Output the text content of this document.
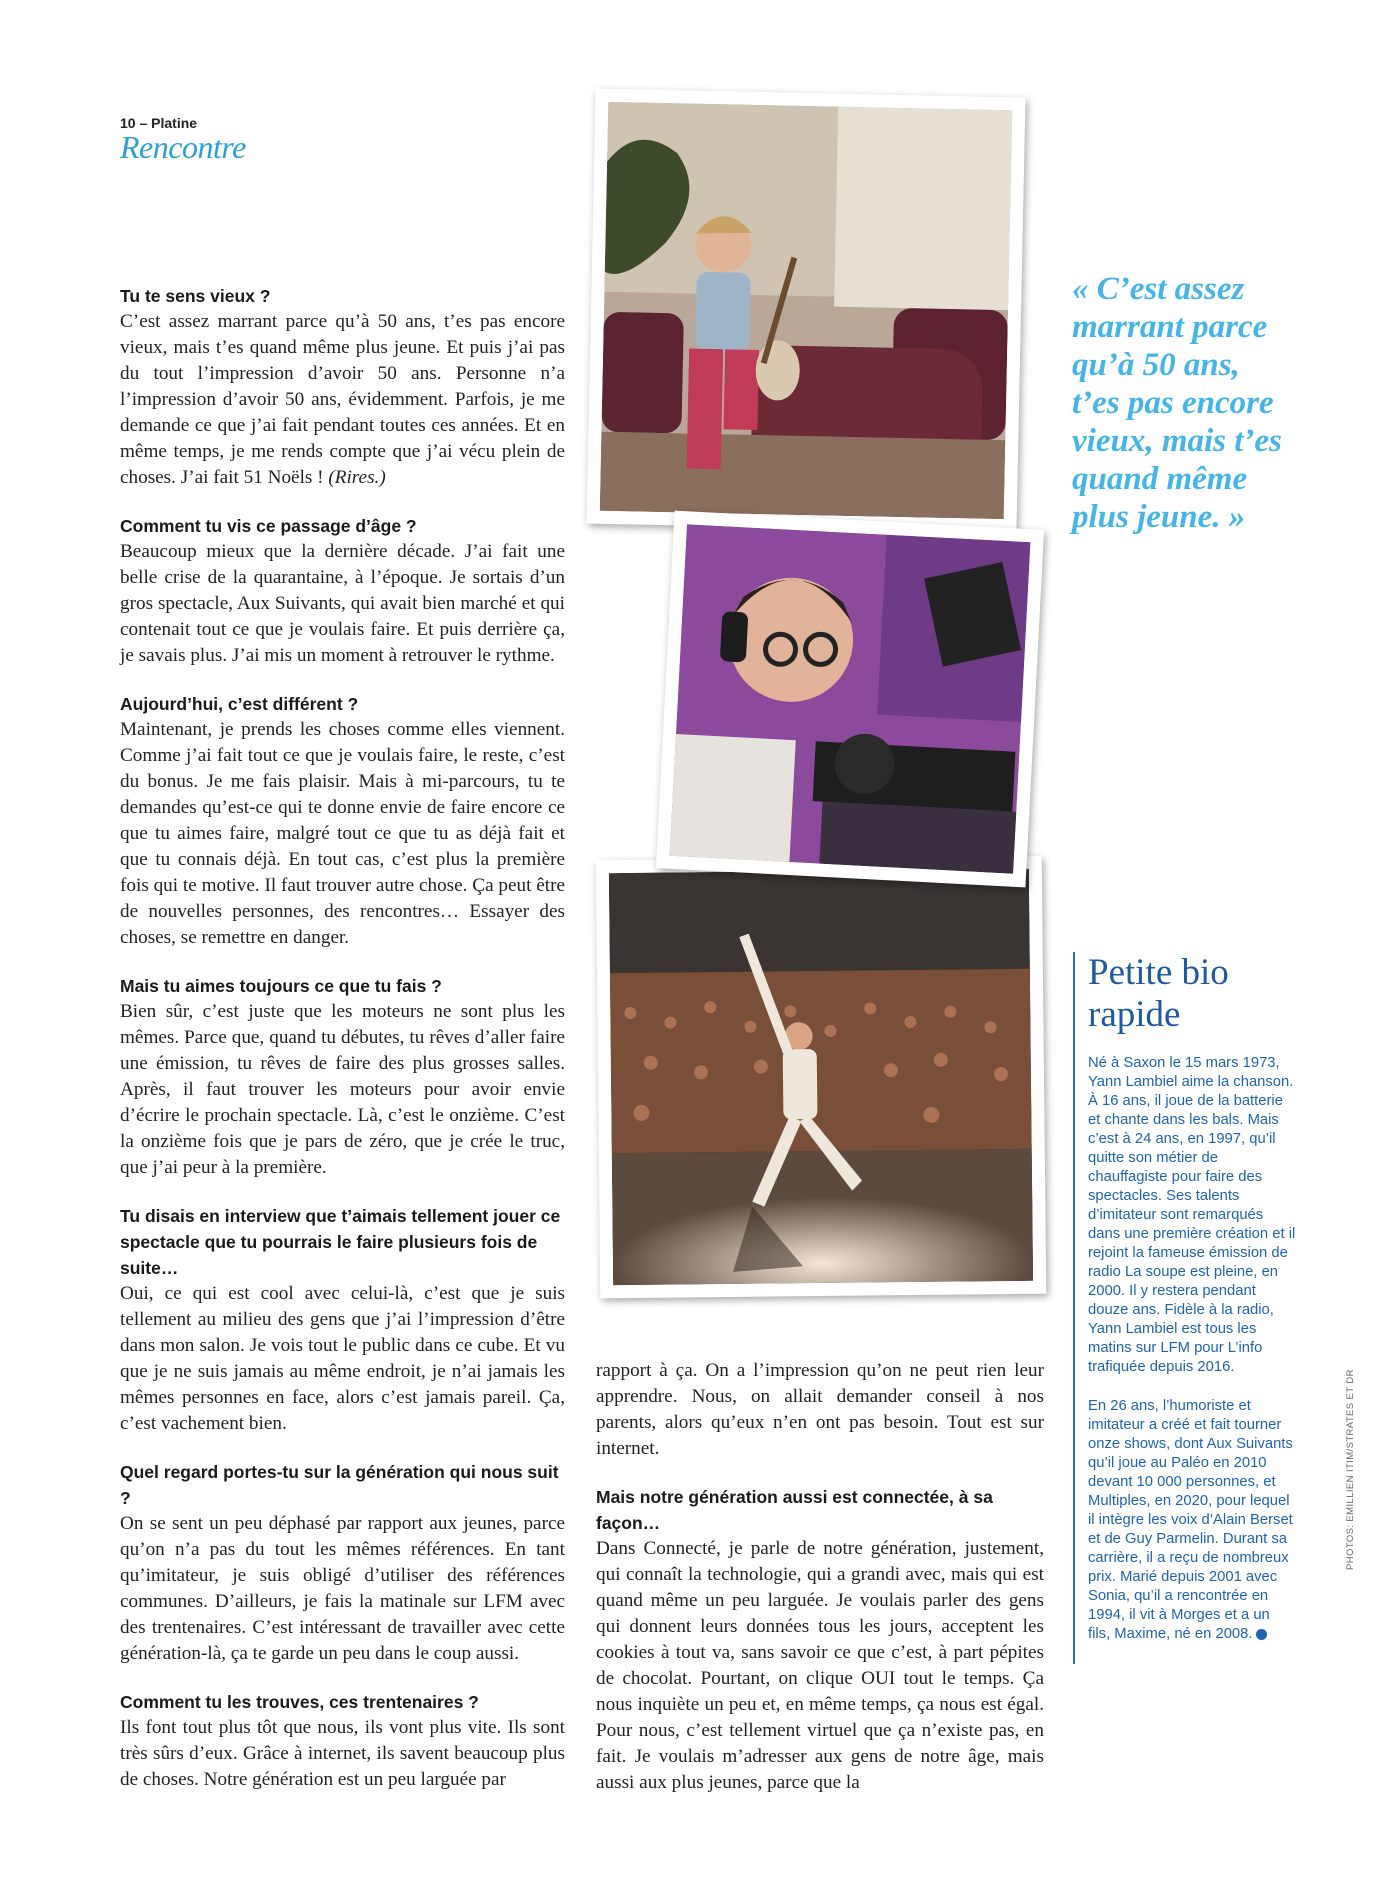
10 – Platine
Rencontre
Tu te sens vieux ?

C’est assez marrant parce qu’à 50 ans, t’es pas encore vieux, mais t’es quand même plus jeune. Et puis j’ai pas du tout l’impression d’avoir 50 ans. Personne n’a l’impression d’avoir 50 ans, évidemment. Parfois, je me demande ce que j’ai fait pendant toutes ces années. Et en même temps, je me rends compte que j’ai vécu plein de choses. J’ai fait 51 Noëls ! (Rires.)

Comment tu vis ce passage d’âge ?

Beaucoup mieux que la dernière décade. J’ai fait une belle crise de la quarantaine, à l’époque. Je sortais d’un gros spectacle, Aux Suivants, qui avait bien marché et qui contenait tout ce que je voulais faire. Et puis derrière ça, je savais plus. J’ai mis un moment à retrouver le rythme.

Aujourd’hui, c’est différent ?

Maintenant, je prends les choses comme elles viennent. Comme j’ai fait tout ce que je voulais faire, le reste, c’est du bonus. Je me fais plaisir. Mais à mi-parcours, tu te demandes qu’est-ce qui te donne envie de faire encore ce que tu aimes faire, malgré tout ce que tu as déjà fait et que tu connais déjà. En tout cas, c’est plus la première fois qui te motive. Il faut trouver autre chose. Ça peut être de nouvelles personnes, des rencontres… Essayer des choses, se remettre en danger.

Mais tu aimes toujours ce que tu fais ?

Bien sûr, c’est juste que les moteurs ne sont plus les mêmes. Parce que, quand tu débutes, tu rêves d’aller faire une émission, tu rêves de faire des plus grosses salles. Après, il faut trouver les moteurs pour avoir envie d’écrire le prochain spectacle. Là, c’est le onzième. C’est la onzième fois que je pars de zéro, que je crée le truc, que j’ai peur à la première.

Tu disais en interview que t’aimais tellement jouer ce spectacle que tu pourrais le faire plusieurs fois de suite…

Oui, ce qui est cool avec celui-là, c’est que je suis tellement au milieu des gens que j’ai l’impression d’être dans mon salon. Je vois tout le public dans ce cube. Et vu que je ne suis jamais au même endroit, je n’ai jamais les mêmes personnes en face, alors c’est jamais pareil. Ça, c’est vachement bien.

Quel regard portes-tu sur la génération qui nous suit ?

On se sent un peu déphasé par rapport aux jeunes, parce qu’on n’a pas du tout les mêmes références. En tant qu’imitateur, je suis obligé d’utiliser des références communes. D’ailleurs, je fais la matinale sur LFM avec des trentenaires. C’est intéressant de travailler avec cette génération-là, ça te garde un peu dans le coup aussi.

Comment tu les trouves, ces trentenaires ?

Ils font tout plus tôt que nous, ils vont plus vite. Ils sont très sûrs d’eux. Grâce à internet, ils savent beaucoup plus de choses. Notre génération est un peu larguée par

« C’est assez marrant parce qu’à 50 ans, t’es pas encore vieux, mais t’es quand même plus jeune. »

rapport à ça. On a l’impression qu’on ne peut rien leur apprendre. Nous, on allait demander conseil à nos parents, alors qu’eux n’en ont pas besoin. Tout est sur internet.

Mais notre génération aussi est connectée, à sa façon…

Dans Connecté, je parle de notre génération, justement, qui connaît la technologie, qui a grandi avec, mais qui est quand même un peu larguée. Je voulais parler des gens qui donnent leurs données tous les jours, acceptent les cookies à tout va, sans savoir ce que c’est, à part pépites de chocolat. Pourtant, on clique OUI tout le temps. Ça nous inquiète un peu et, en même temps, ça nous est égal. Pour nous, c’est tellement virtuel que ça n’existe pas, en fait. Je voulais m’adresser aux gens de notre âge, mais aussi aux plus jeunes, parce que la

Petite bio rapide

Né à Saxon le 15 mars 1973, Yann Lambiel aime la chanson. À 16 ans, il joue de la batterie et chante dans les bals. Mais c’est à 24 ans, en 1997, qu’il quitte son métier de chauffagiste pour faire des spectacles. Ses talents d’imitateur sont remarqués dans une première création et il rejoint la fameuse émission de radio La soupe est pleine, en 2000. Il y restera pendant douze ans. Fidèle à la radio, Yann Lambiel est tous les matins sur LFM pour L’info trafiquée depuis 2016.

En 26 ans, l’humoriste et imitateur a créé et fait tourner onze shows, dont Aux Suivants qu’il joue au Paléo en 2010 devant 10 000 personnes, et Multiples, en 2020, pour lequel il intègre les voix d’Alain Berset et de Guy Parmelin. Durant sa carrière, il a reçu de nombreux prix. Marié depuis 2001 avec Sonia, qu’il a rencontrée en 1994, il vit à Morges et a un fils, Maxime, né en 2008.

PHOTOS: EMILLIEN ITIM/STRATES ET DR
